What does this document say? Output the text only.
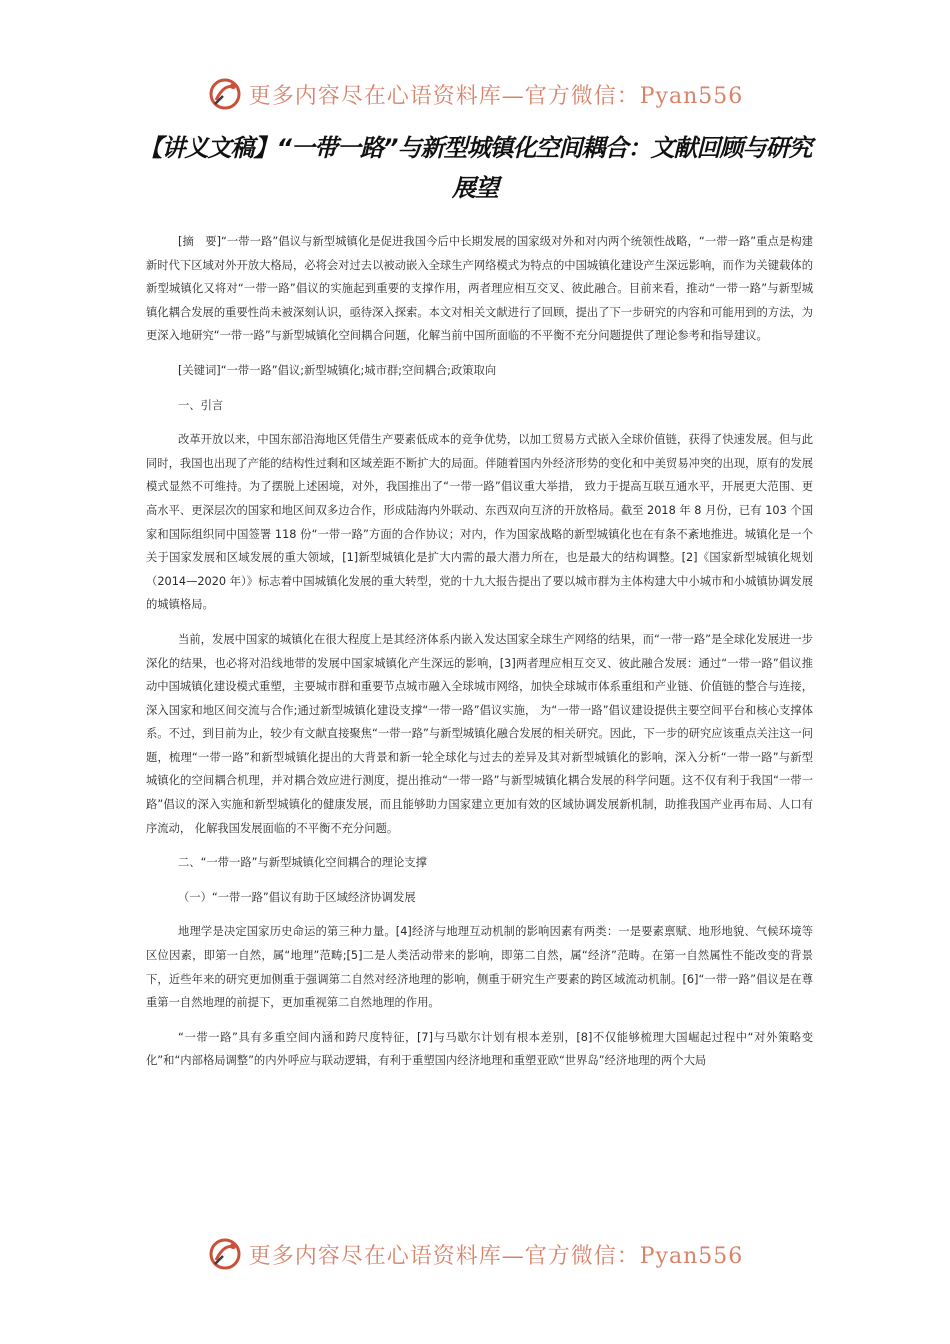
更多内容尽在心语资料库—官方微信：Pyan556
【讲义文稿】“一带一路”与新型城镇化空间耦合：文献回顾与研究展望

[摘　要]“一带一路”倡议与新型城镇化是促进我国今后中长期发展的国家级对外和对内两个统领性战略，“一带一路”重点是构建新时代下区域对外开放大格局，必将会对过去以被动嵌入全球生产网络模式为特点的中国城镇化建设产生深远影响，而作为关键载体的新型城镇化又将对“一带一路”倡议的实施起到重要的支撑作用，两者理应相互交叉、彼此融合。目前来看，推动“一带一路”与新型城镇化耦合发展的重要性尚未被深刻认识，亟待深入探索。本文对相关文献进行了回顾，提出了下一步研究的内容和可能用到的方法，为更深入地研究“一带一路”与新型城镇化空间耦合问题，化解当前中国所面临的不平衡不充分问题提供了理论参考和指导建议。

[关键词]“一带一路”倡议;新型城镇化;城市群;空间耦合;政策取向

一、引言

改革开放以来，中国东部沿海地区凭借生产要素低成本的竞争优势，以加工贸易方式嵌入全球价值链，获得了快速发展。但与此同时，我国也出现了产能的结构性过剩和区域差距不断扩大的局面。伴随着国内外经济形势的变化和中美贸易冲突的出现，原有的发展模式显然不可维持。为了摆脱上述困境，对外，我国推出了“一带一路”倡议重大举措， 致力于提高互联互通水平，开展更大范围、更高水平、更深层次的国家和地区间双多边合作，形成陆海内外联动、东西双向互济的开放格局。截至 2018 年 8 月份，已有 103 个国家和国际组织同中国签署 118 份“一带一路”方面的合作协议；对内，作为国家战略的新型城镇化也在有条不紊地推进。城镇化是一个关于国家发展和区域发展的重大领域，[1]新型城镇化是扩大内需的最大潜力所在，也是最大的结构调整。[2]《国家新型城镇化规划（2014—2020 年）》标志着中国城镇化发展的重大转型，党的十九大报告提出了要以城市群为主体构建大中小城市和小城镇协调发展的城镇格局。

当前，发展中国家的城镇化在很大程度上是其经济体系内嵌入发达国家全球生产网络的结果，而“一带一路”是全球化发展进一步深化的结果，也必将对沿线地带的发展中国家城镇化产生深远的影响，[3]两者理应相互交叉、彼此融合发展：通过“一带一路”倡议推动中国城镇化建设模式重塑，主要城市群和重要节点城市融入全球城市网络，加快全球城市体系重组和产业链、价值链的整合与连接，深入国家和地区间交流与合作;通过新型城镇化建设支撑“一带一路”倡议实施， 为“一带一路”倡议建设提供主要空间平台和核心支撑体系。不过，到目前为止，较少有文献直接聚焦“一带一路”与新型城镇化融合发展的相关研究。因此，下一步的研究应该重点关注这一问题，梳理“一带一路”和新型城镇化提出的大背景和新一轮全球化与过去的差异及其对新型城镇化的影响，深入分析“一带一路”与新型城镇化的空间耦合机理，并对耦合效应进行测度，提出推动“一带一路”与新型城镇化耦合发展的科学问题。这不仅有利于我国“一带一路”倡议的深入实施和新型城镇化的健康发展，而且能够助力国家建立更加有效的区域协调发展新机制，助推我国产业再布局、人口有序流动， 化解我国发展面临的不平衡不充分问题。

二、“一带一路”与新型城镇化空间耦合的理论支撑

（一）“一带一路”倡议有助于区域经济协调发展

地理学是决定国家历史命运的第三种力量。[4]经济与地理互动机制的影响因素有两类：一是要素禀赋、地形地貌、气候环境等区位因素，即第一自然，属“地理”范畴;[5]二是人类活动带来的影响，即第二自然，属“经济”范畴。在第一自然属性不能改变的背景下，近些年来的研究更加侧重于强调第二自然对经济地理的影响，侧重于研究生产要素的跨区域流动机制。[6]“一带一路”倡议是在尊重第一自然地理的前提下，更加重视第二自然地理的作用。

“一带一路”具有多重空间内涵和跨尺度特征，[7]与马歇尔计划有根本差别，[8]不仅能够梳理大国崛起过程中“对外策略变化”和“内部格局调整”的内外呼应与联动逻辑，有利于重塑国内经济地理和重塑亚欧“世界岛”经济地理的两个大局

更多内容尽在心语资料库—官方微信：Pyan556
